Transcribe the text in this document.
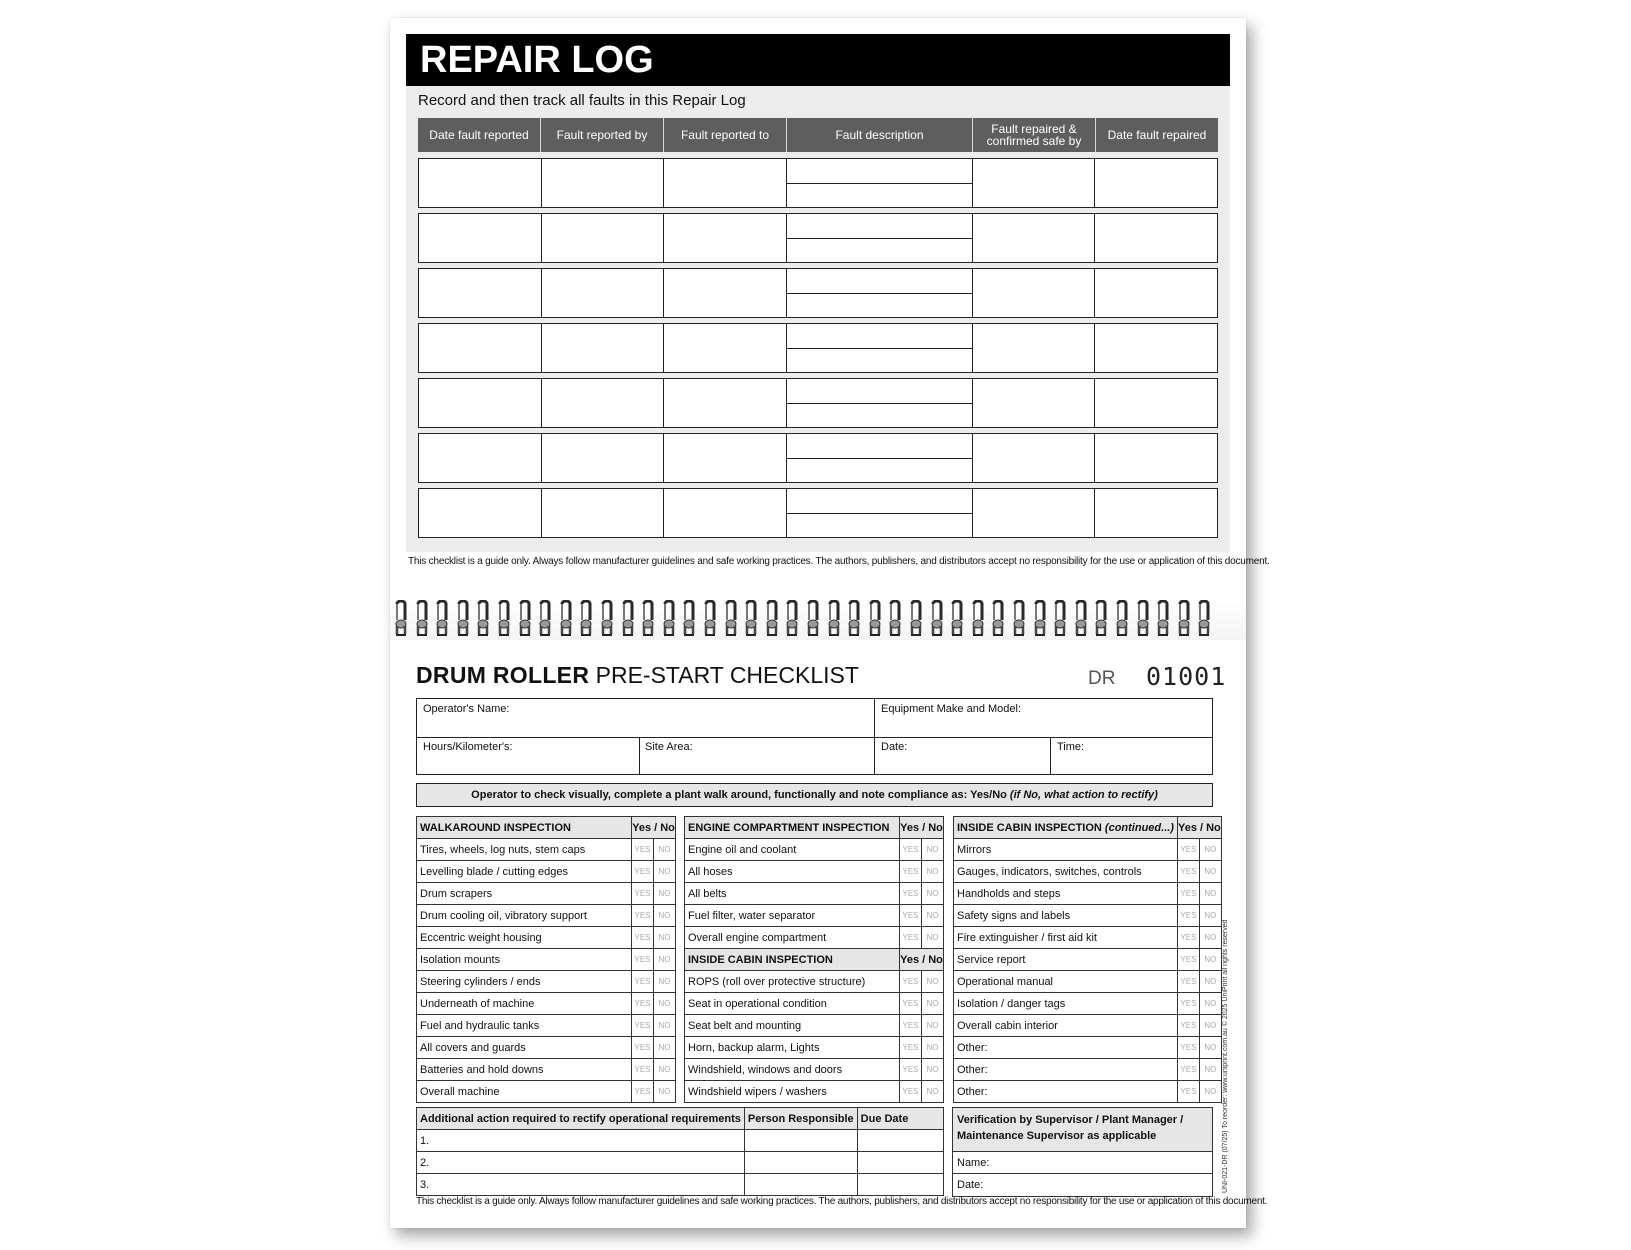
REPAIR LOG
Record and then track all faults in this Repair Log
Date fault reported	Fault reported by	Fault reported to	Fault description	Fault repaired & confirmed safe by	Date fault repaired
This checklist is a guide only. Always follow manufacturer guidelines and safe working practices. The authors, publishers, and distributors accept no responsibility for the use or application of this document.
DRUM ROLLER PRE-START CHECKLIST	DR 01001
Operator's Name:	Equipment Make and Model:
Hours/Kilometer's:	Site Area:	Date:	Time:
Operator to check visually, complete a plant walk around, functionally and note compliance as: Yes/No (if No, what action to rectify)
WALKAROUND INSPECTION	Yes / No	
Tires, wheels, log nuts, stem caps	YES	NO
Levelling blade / cutting edges	YES	NO
Drum scrapers	YES	NO
Drum cooling oil, vibratory support	YES	NO
Eccentric weight housing	YES	NO
Isolation mounts	YES	NO
Steering cylinders / ends	YES	NO
Underneath of machine	YES	NO
Fuel and hydraulic tanks	YES	NO
All covers and guards	YES	NO
Batteries and hold downs	YES	NO
Overall machine	YES	NO
ENGINE COMPARTMENT INSPECTION	Yes / No	
Engine oil and coolant	YES	NO
All hoses	YES	NO
All belts	YES	NO
Fuel filter, water separator	YES	NO
Overall engine compartment	YES	NO
INSIDE CABIN INSPECTION	Yes / No	
ROPS (roll over protective structure)	YES	NO
Seat in operational condition	YES	NO
Seat belt and mounting	YES	NO
Horn, backup alarm, Lights	YES	NO
Windshield, windows and doors	YES	NO
Windshield wipers / washers	YES	NO
INSIDE CABIN INSPECTION (continued...)	Yes / No	
Mirrors	YES	NO
Gauges, indicators, switches, controls	YES	NO
Handholds and steps	YES	NO
Safety signs and labels	YES	NO
Fire extinguisher / first aid kit	YES	NO
Service report	YES	NO
Operational manual	YES	NO
Isolation / danger tags	YES	NO
Overall cabin interior	YES	NO
Other:	YES	NO
Other:	YES	NO
Other:	YES	NO
Additional action required to rectify operational requirements	Person Responsible	Due Date
1.		
2.		
3.		
Verification by Supervisor / Plant Manager / Maintenance Supervisor as applicable
Name:
Date:
This checklist is a guide only. Always follow manufacturer guidelines and safe working practices. The authors, publishers, and distributors accept no responsibility for the use or application of this document.
UNI-021-DR (07/25) To reorder: www.uniprint.com.au © 2025 UniPrint all rights reserved
